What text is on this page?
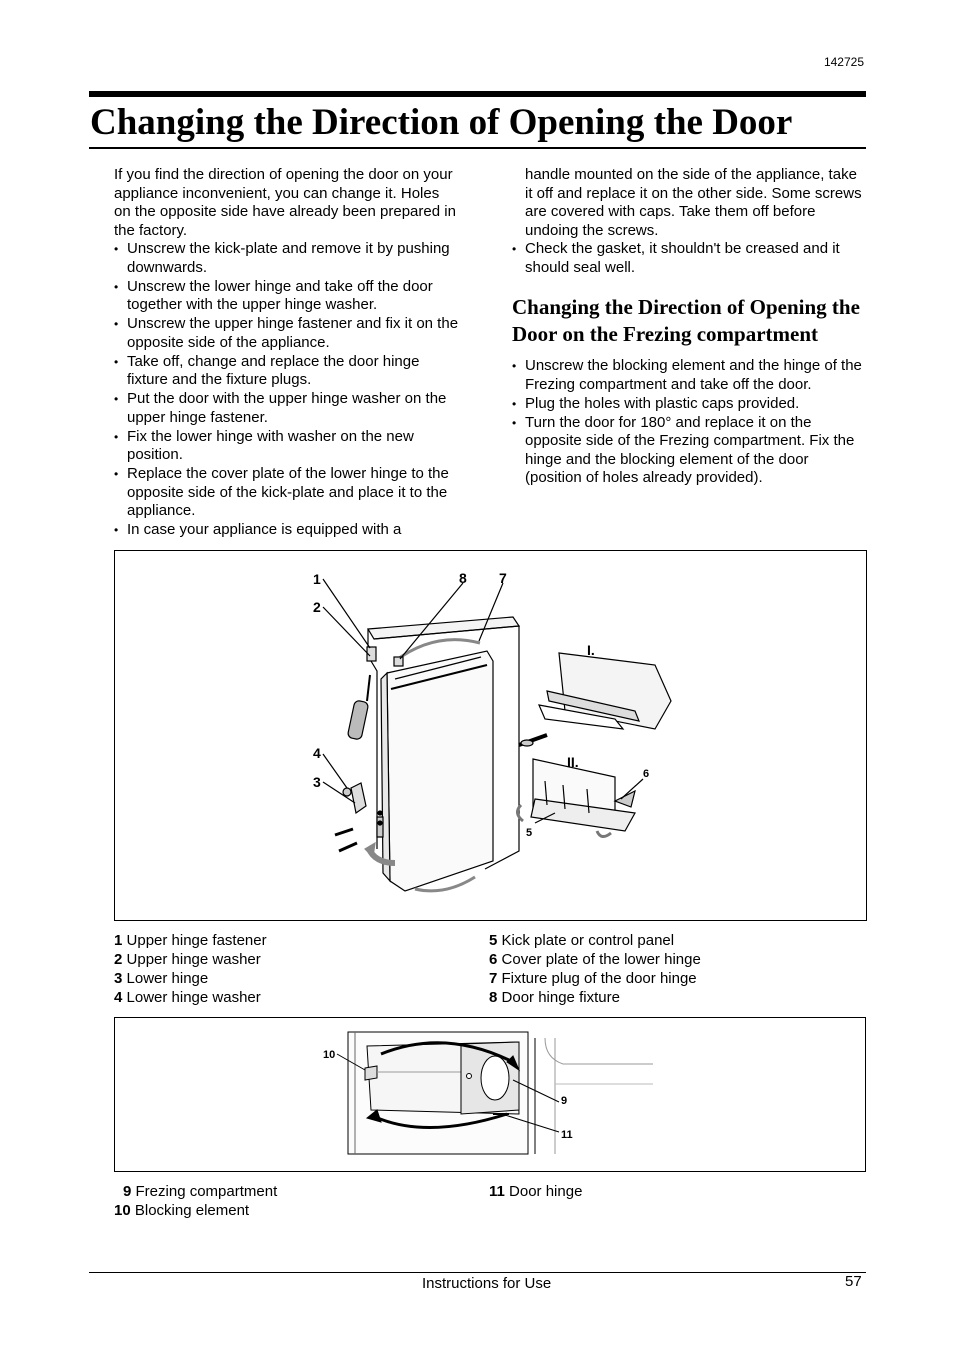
142725
Changing the Direction of Opening the Door

If you find the direction of opening the door on your appliance inconvenient, you can change it. Holes on the opposite side have already been prepared in the factory.

• Unscrew the kick-plate and remove it by pushing downwards.
• Unscrew the lower hinge and take off the door together with the upper hinge washer.
• Unscrew the upper hinge fastener and fix it on the opposite side of the appliance.
• Take off, change and replace the door hinge fixture and the fixture plugs.
• Put the door with the upper hinge washer on the upper hinge fastener.
• Fix the lower hinge with washer on the new position.
• Replace the cover plate of the lower hinge to the opposite side of the kick-plate and place it to the appliance.
• In case your appliance is equipped with a

handle mounted on the side of the appliance, take it off and replace it on the other side. Some screws are covered with caps. Take them off before undoing the screws.

• Check the gasket, it shouldn't be creased and it should seal well.
Changing the Direction of Opening the Door on the Frezing compartment
• Unscrew the blocking element and the hinge of the Frezing compartment and take off the door.
• Plug the holes with plastic caps provided.
• Turn the door for 180° and replace it on the opposite side of the Frezing compartment. Fix the hinge and the blocking element of the door (position of holes already provided).
1
2
8 7
4
3
I.
II.
6
5
1 Upper hinge fastener
2 Upper hinge washer
3 Lower hinge
4 Lower hinge washer
5 Kick plate or control panel
6 Cover plate of the lower hinge
7 Fixture plug of the door hinge
8 Door hinge fixture
10
9
11
9 Frezing compartment
10 Blocking element
11 Door hinge
Instructions for Use	57
